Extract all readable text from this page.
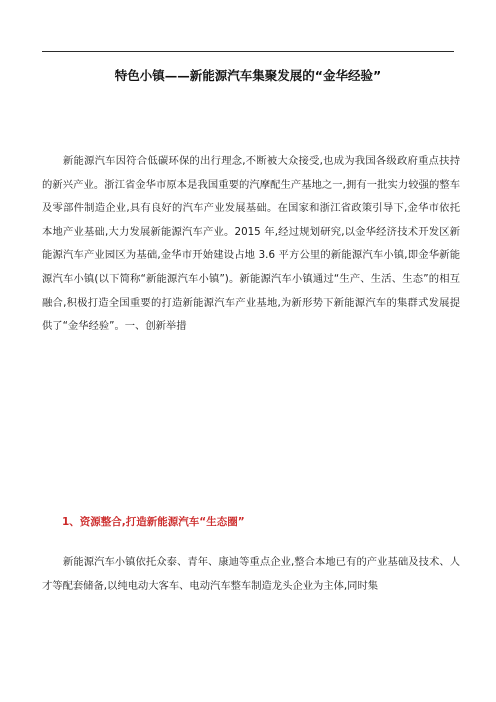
特色小镇——新能源汽车集聚发展的“金华经验”

新能源汽车因符合低碳环保的出行理念,不断被大众接受,也成为我国各级政府重点扶持的新兴产业。浙江省金华市原本是我国重要的汽摩配生产基地之一,拥有一批实力较强的整车及零部件制造企业,具有良好的汽车产业发展基础。在国家和浙江省政策引导下,金华市依托本地产业基础,大力发展新能源汽车产业。2015 年,经过规划研究,以金华经济技术开发区新能源汽车产业园区为基础,金华市开始建设占地 3.6 平方公里的新能源汽车小镇,即金华新能源汽车小镇(以下简称“新能源汽车小镇”)。新能源汽车小镇通过“生产、生活、生态”的相互融合,积极打造全国重要的打造新能源汽车产业基地,为新形势下新能源汽车的集群式发展提供了“金华经验”。一、创新举措

1、资源整合,打造新能源汽车“生态圈”

新能源汽车小镇依托众泰、青年、康迪等重点企业,整合本地已有的产业基础及技术、人才等配套储备,以纯电动大客车、电动汽车整车制造龙头企业为主体,同时集
